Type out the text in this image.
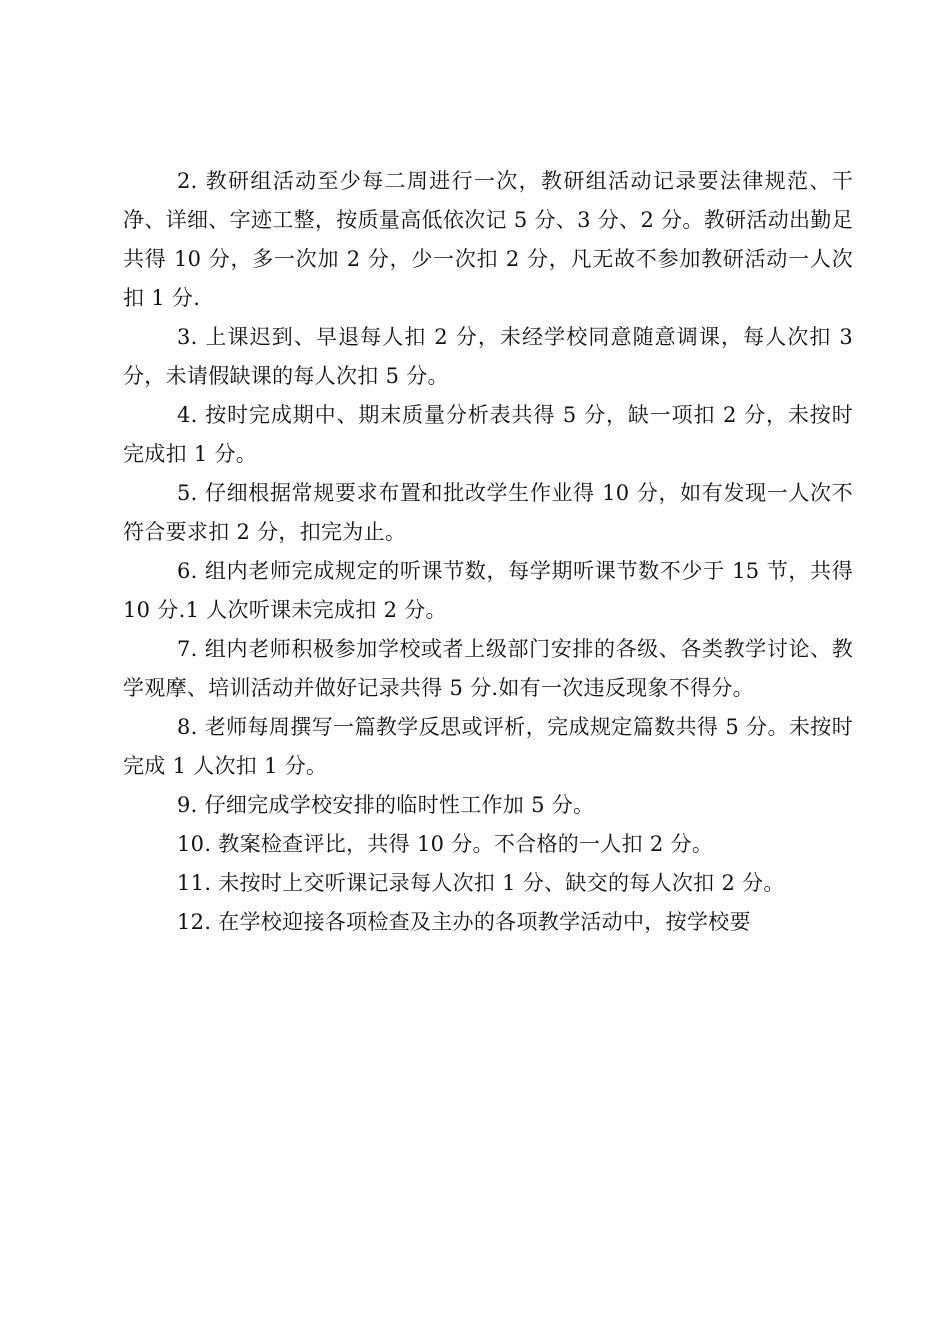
2. 教研组活动至少每二周进行一次，教研组活动记录要法律规范、干净、详细、字迹工整，按质量高低依次记 5 分、3 分、2 分。教研活动出勤足共得 10 分，多一次加 2 分，少一次扣 2 分，凡无故不参加教研活动一人次扣 1 分.

3. 上课迟到、早退每人扣 2 分，未经学校同意随意调课，每人次扣 3 分，未请假缺课的每人次扣 5 分。

4. 按时完成期中、期末质量分析表共得 5 分，缺一项扣 2 分，未按时完成扣 1 分。

5. 仔细根据常规要求布置和批改学生作业得 10 分，如有发现一人次不符合要求扣 2 分，扣完为止。

6. 组内老师完成规定的听课节数，每学期听课节数不少于 15 节，共得 10 分.1 人次听课未完成扣 2 分。

7. 组内老师积极参加学校或者上级部门安排的各级、各类教学讨论、教学观摩、培训活动并做好记录共得 5 分.如有一次违反现象不得分。

8. 老师每周撰写一篇教学反思或评析，完成规定篇数共得 5 分。未按时完成 1 人次扣 1 分。

9. 仔细完成学校安排的临时性工作加 5 分。

10. 教案检查评比，共得 10 分。不合格的一人扣 2 分。

11. 未按时上交听课记录每人次扣 1 分、缺交的每人次扣 2 分。

12. 在学校迎接各项检查及主办的各项教学活动中，按学校要
